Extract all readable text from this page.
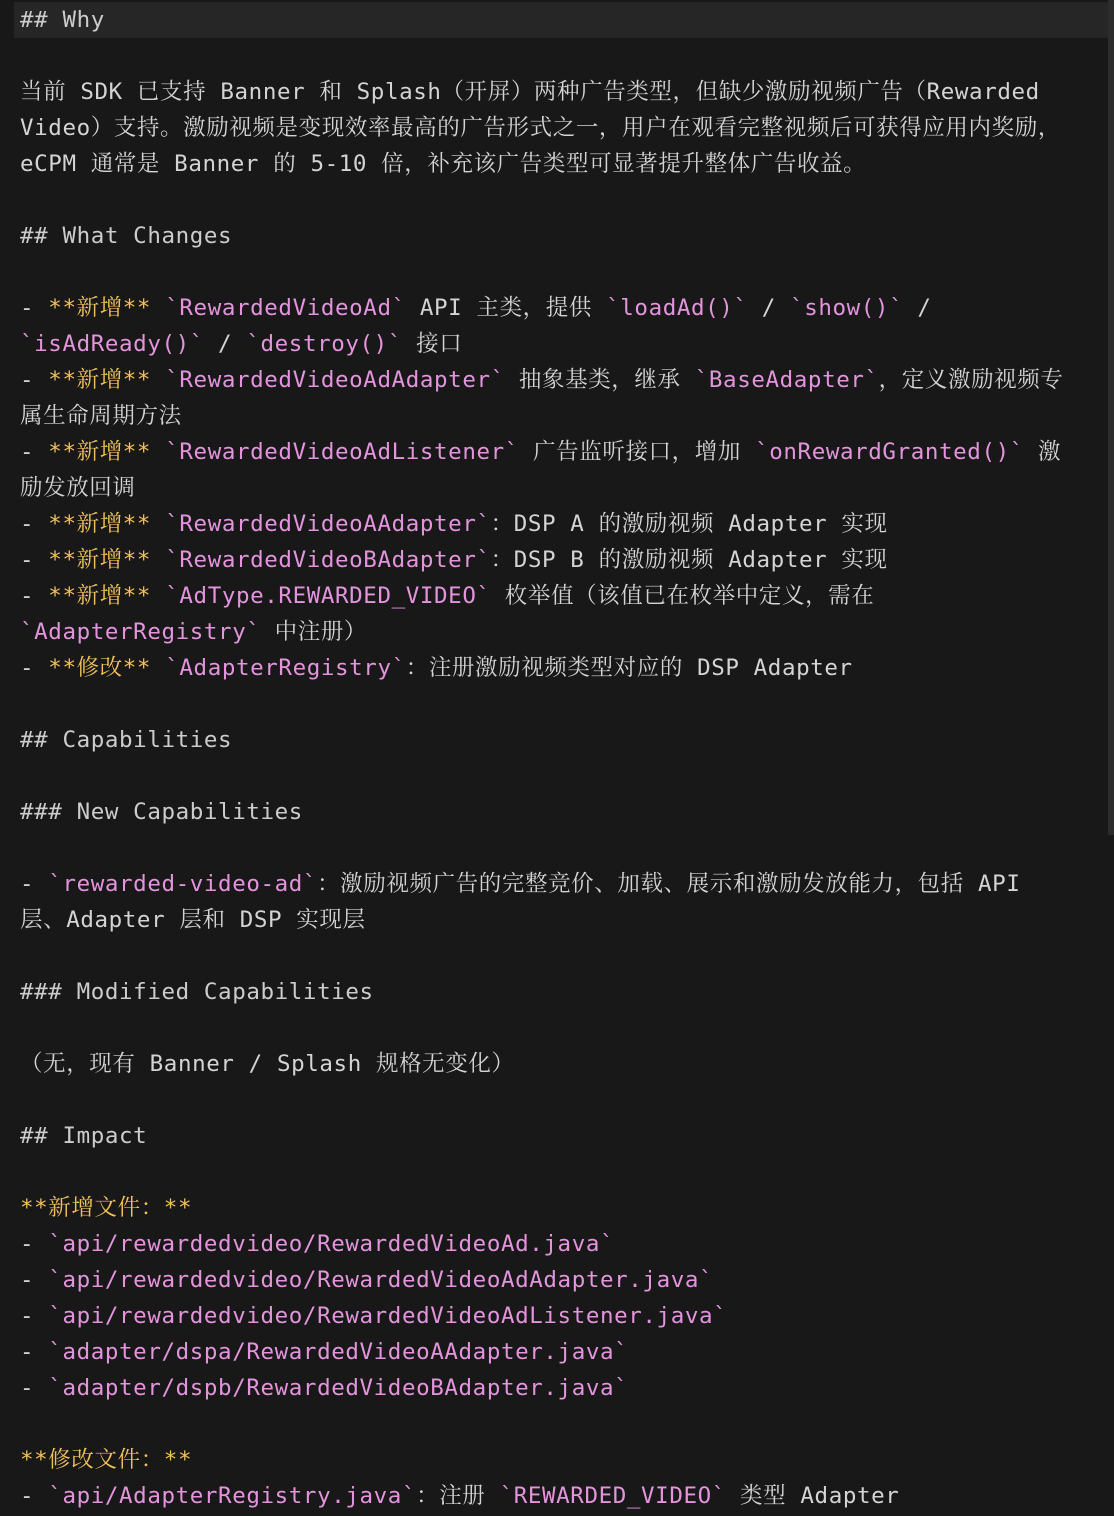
## Why
当前 SDK 已支持 Banner 和 Splash（开屏）两种广告类型，但缺少激励视频广告（Rewarded
Video）支持。激励视频是变现效率最高的广告形式之一，用户在观看完整视频后可获得应用内奖励，
eCPM 通常是 Banner 的 5-10 倍，补充该广告类型可显著提升整体广告收益。
## What Changes
- **新增** `RewardedVideoAd` API 主类，提供 `loadAd()` / `show()` /
`isAdReady()` / `destroy()` 接口
- **新增** `RewardedVideoAdAdapter` 抽象基类，继承 `BaseAdapter`，定义激励视频专
属生命周期方法
- **新增** `RewardedVideoAdListener` 广告监听接口，增加 `onRewardGranted()` 激
励发放回调
- **新增** `RewardedVideoAAdapter`：DSP A 的激励视频 Adapter 实现
- **新增** `RewardedVideoBAdapter`：DSP B 的激励视频 Adapter 实现
- **新增** `AdType.REWARDED_VIDEO` 枚举值（该值已在枚举中定义，需在
`AdapterRegistry` 中注册）
- **修改** `AdapterRegistry`：注册激励视频类型对应的 DSP Adapter
## Capabilities
### New Capabilities
- `rewarded-video-ad`：激励视频广告的完整竞价、加载、展示和激励发放能力，包括 API
层、Adapter 层和 DSP 实现层
### Modified Capabilities
（无，现有 Banner / Splash 规格无变化）
## Impact
**新增文件：**
- `api/rewardedvideo/RewardedVideoAd.java`
- `api/rewardedvideo/RewardedVideoAdAdapter.java`
- `api/rewardedvideo/RewardedVideoAdListener.java`
- `adapter/dspa/RewardedVideoAAdapter.java`
- `adapter/dspb/RewardedVideoBAdapter.java`
**修改文件：**
- `api/AdapterRegistry.java`：注册 `REWARDED_VIDEO` 类型 Adapter
